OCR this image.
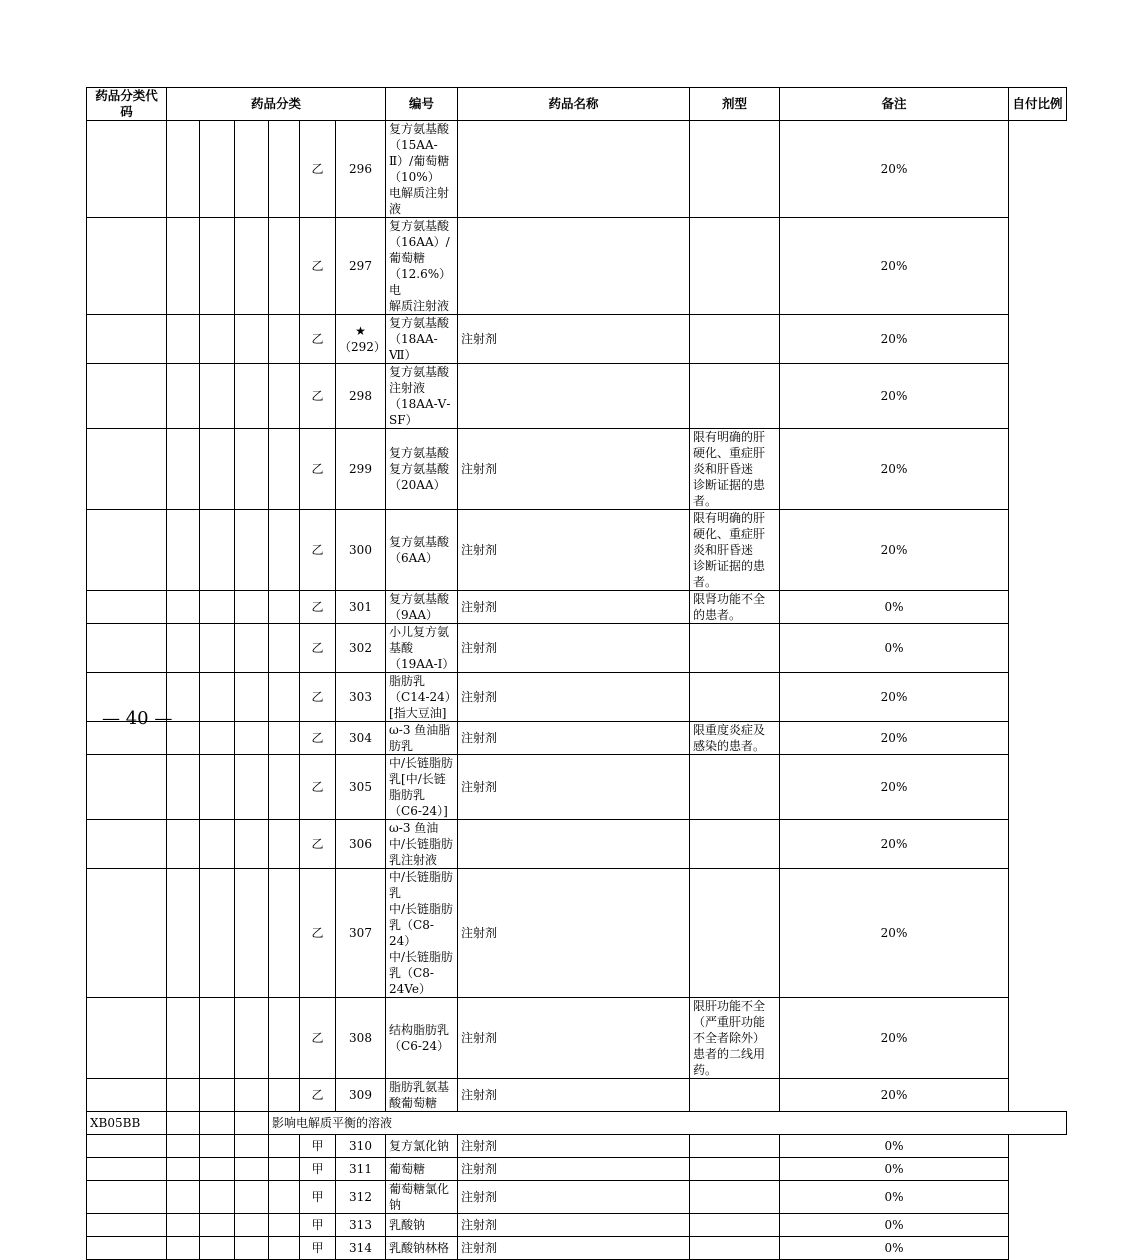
药品分类代码	药品分类						编号	药品名称	剂型	备注	自付比例
					乙	296	复方氨基酸（15AA-Ⅱ）/葡萄糖（10%）
电解质注射液			20%	
					乙	297	复方氨基酸（16AA）/葡萄糖（12.6%）电
解质注射液			20%	
					乙	★（292）	复方氨基酸（18AA-Ⅶ）	注射剂		20%	
					乙	298	复方氨基酸注射液（18AA-Ⅴ-SF）			20%	
					乙	299	复方氨基酸
复方氨基酸（20AA）	注射剂	限有明确的肝硬化、重症肝炎和肝昏迷
诊断证据的患者。	20%	
					乙	300	复方氨基酸（6AA）	注射剂	限有明确的肝硬化、重症肝炎和肝昏迷
诊断证据的患者。	20%	
					乙	301	复方氨基酸（9AA）	注射剂	限肾功能不全的患者。	0%	
					乙	302	小儿复方氨基酸（19AA-Ⅰ）	注射剂		0%	
					乙	303	脂肪乳（C14-24）[指大豆油]	注射剂		20%	
					乙	304	ω-3 鱼油脂肪乳	注射剂	限重度炎症及感染的患者。	20%	
					乙	305	中/长链脂肪乳[中/长链脂肪乳（C6-24）]	注射剂		20%	
					乙	306	ω-3 鱼油中/长链脂肪乳注射液			20%	
					乙	307	中/长链脂肪乳
中/长链脂肪乳（C8-24）
中/长链脂肪乳（C8-24Ve）	注射剂		20%	
					乙	308	结构脂肪乳（C6-24）	注射剂	限肝功能不全（严重肝功能不全者除外）
患者的二线用药。	20%	
					乙	309	脂肪乳氨基酸葡萄糖	注射剂		20%	
XB05BB				影响电解质平衡的溶液							
					甲	310	复方氯化钠	注射剂		0%	
					甲	311	葡萄糖	注射剂		0%	
					甲	312	葡萄糖氯化钠	注射剂		0%	
					甲	313	乳酸钠	注射剂		0%	
					甲	314	乳酸钠林格	注射剂		0%	
— 40 —
